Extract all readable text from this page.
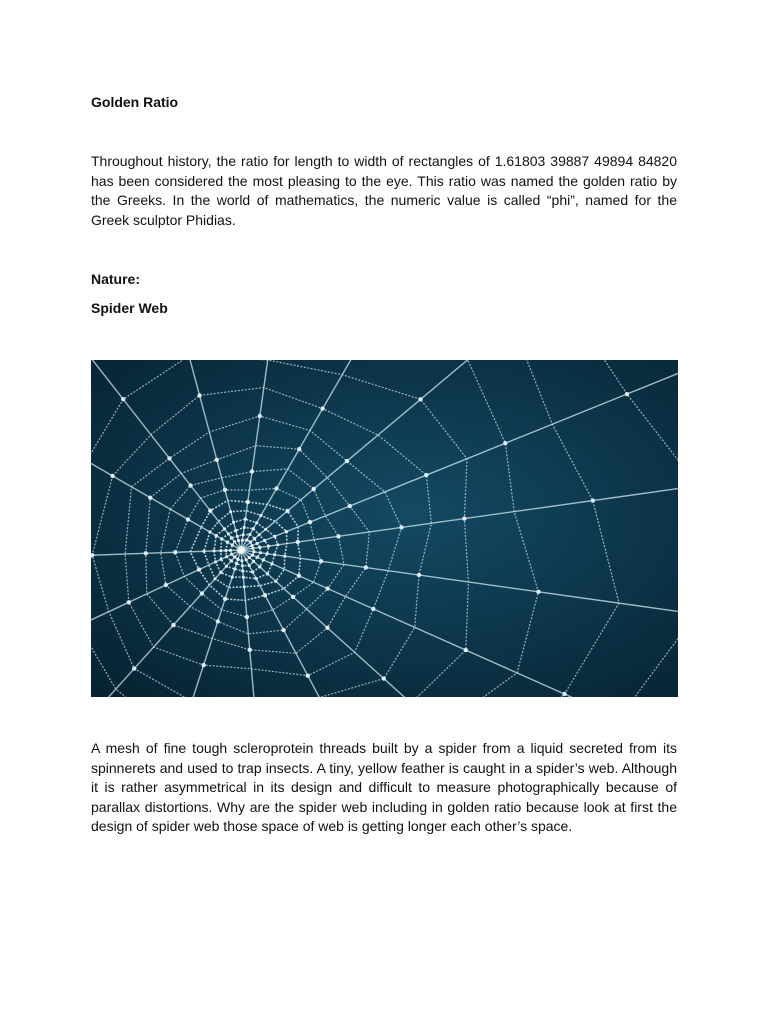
Golden Ratio

Throughout history, the ratio for length to width of rectangles of 1.61803 39887 49894 84820 has been considered the most pleasing to the eye. This ratio was named the golden ratio by the Greeks. In the world of mathematics, the numeric value is called “phi”, named for the Greek sculptor Phidias.

Nature:

Spider Web

A mesh of fine tough scleroprotein threads built by a spider from a liquid secreted from its spinnerets and used to trap insects. A tiny, yellow feather is caught in a spider’s web. Although it is rather asymmetrical in its design and difficult to measure photographically because of parallax distortions. Why are the spider web including in golden ratio because look at first the design of spider web those space of web is getting longer each other’s space.
